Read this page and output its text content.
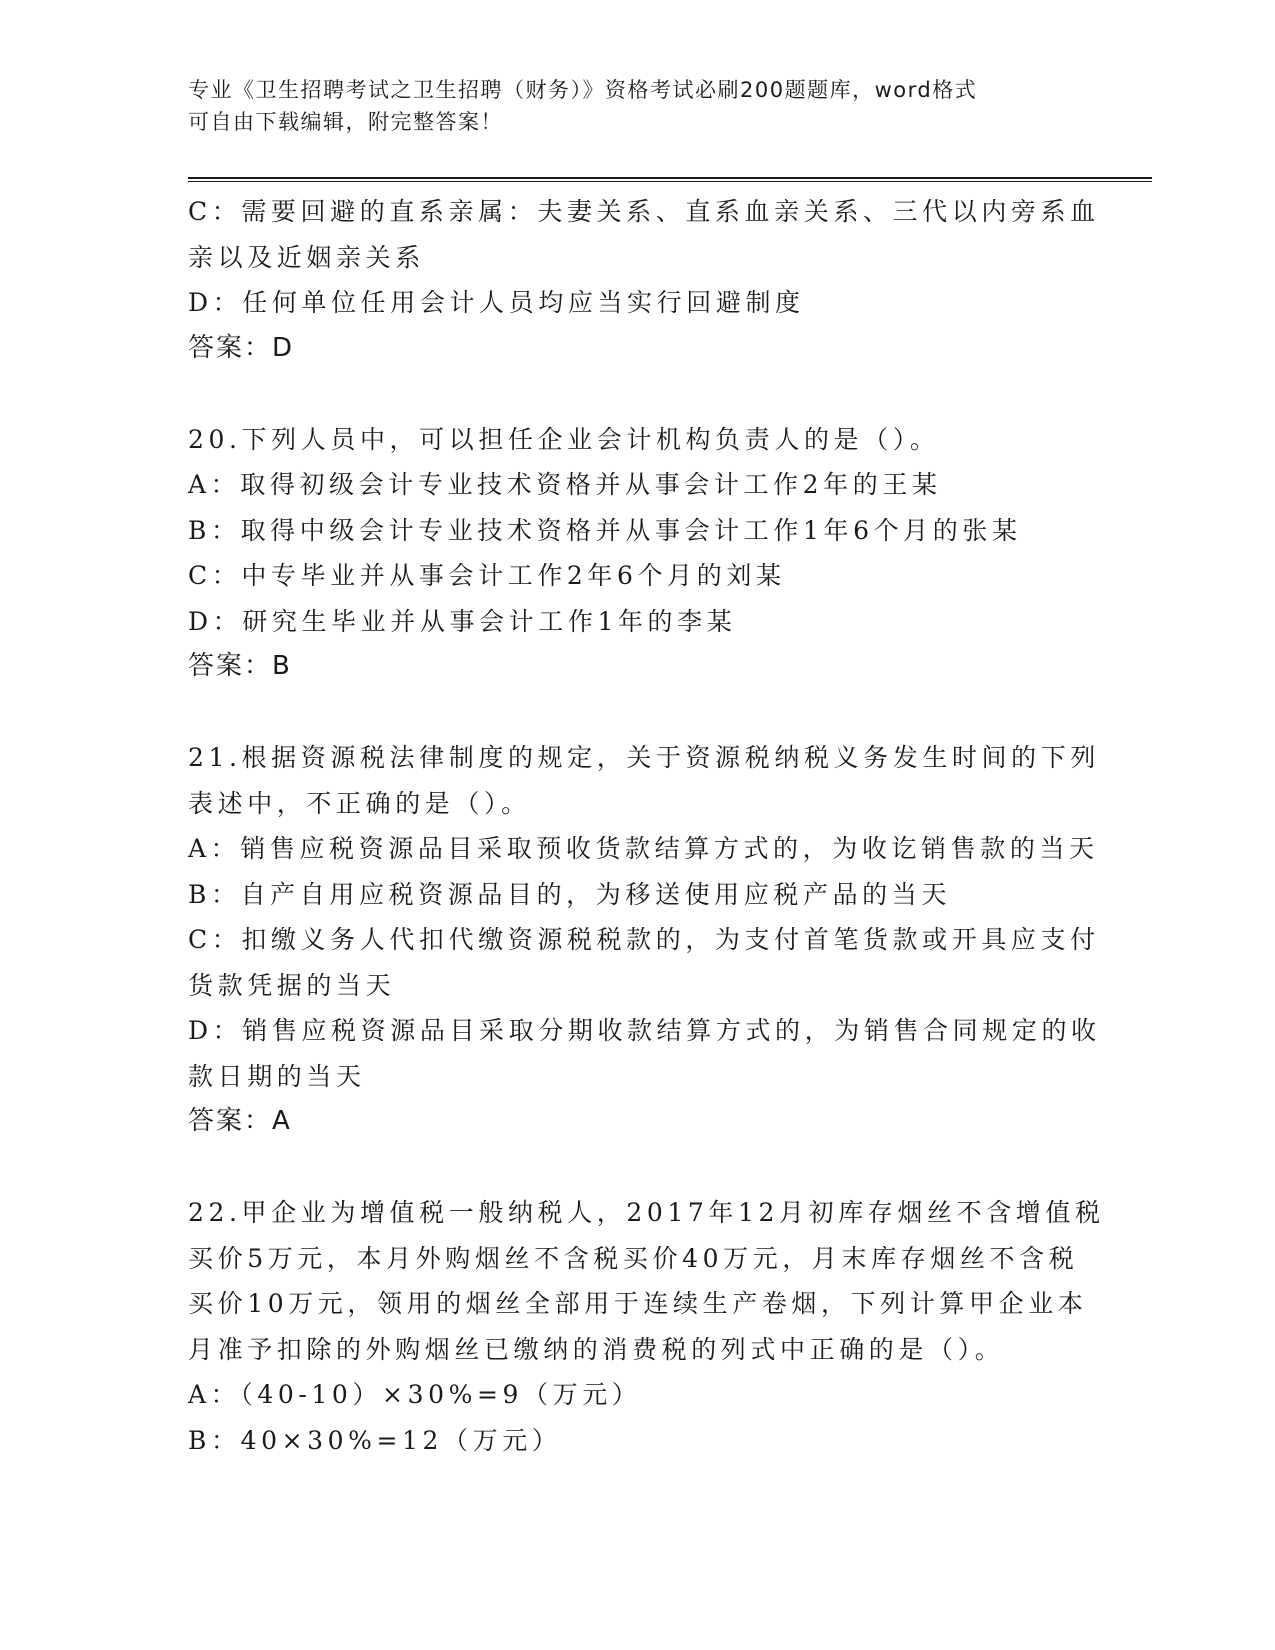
专业《卫生招聘考试之卫生招聘（财务）》资格考试必刷200题题库，word格式
可自由下载编辑，附完整答案！
C：需要回避的直系亲属：夫妻关系、直系血亲关系、三代以内旁系血
亲以及近姻亲关系
D：任何单位任用会计人员均应当实行回避制度
答案：D
20.下列人员中，可以担任企业会计机构负责人的是（）。
A：取得初级会计专业技术资格并从事会计工作2年的王某
B：取得中级会计专业技术资格并从事会计工作1年6个月的张某
C：中专毕业并从事会计工作2年6个月的刘某
D：研究生毕业并从事会计工作1年的李某
答案：B
21.根据资源税法律制度的规定，关于资源税纳税义务发生时间的下列
表述中，不正确的是（）。
A：销售应税资源品目采取预收货款结算方式的，为收讫销售款的当天
B：自产自用应税资源品目的，为移送使用应税产品的当天
C：扣缴义务人代扣代缴资源税税款的，为支付首笔货款或开具应支付
货款凭据的当天
D：销售应税资源品目采取分期收款结算方式的，为销售合同规定的收
款日期的当天
答案：A
22.甲企业为增值税一般纳税人，2017年12月初库存烟丝不含增值税
买价5万元，本月外购烟丝不含税买价40万元，月末库存烟丝不含税
买价10万元，领用的烟丝全部用于连续生产卷烟，下列计算甲企业本
月准予扣除的外购烟丝已缴纳的消费税的列式中正确的是（）。
A：（40-10）×30%=9（万元）
B：40×30%=12（万元）
